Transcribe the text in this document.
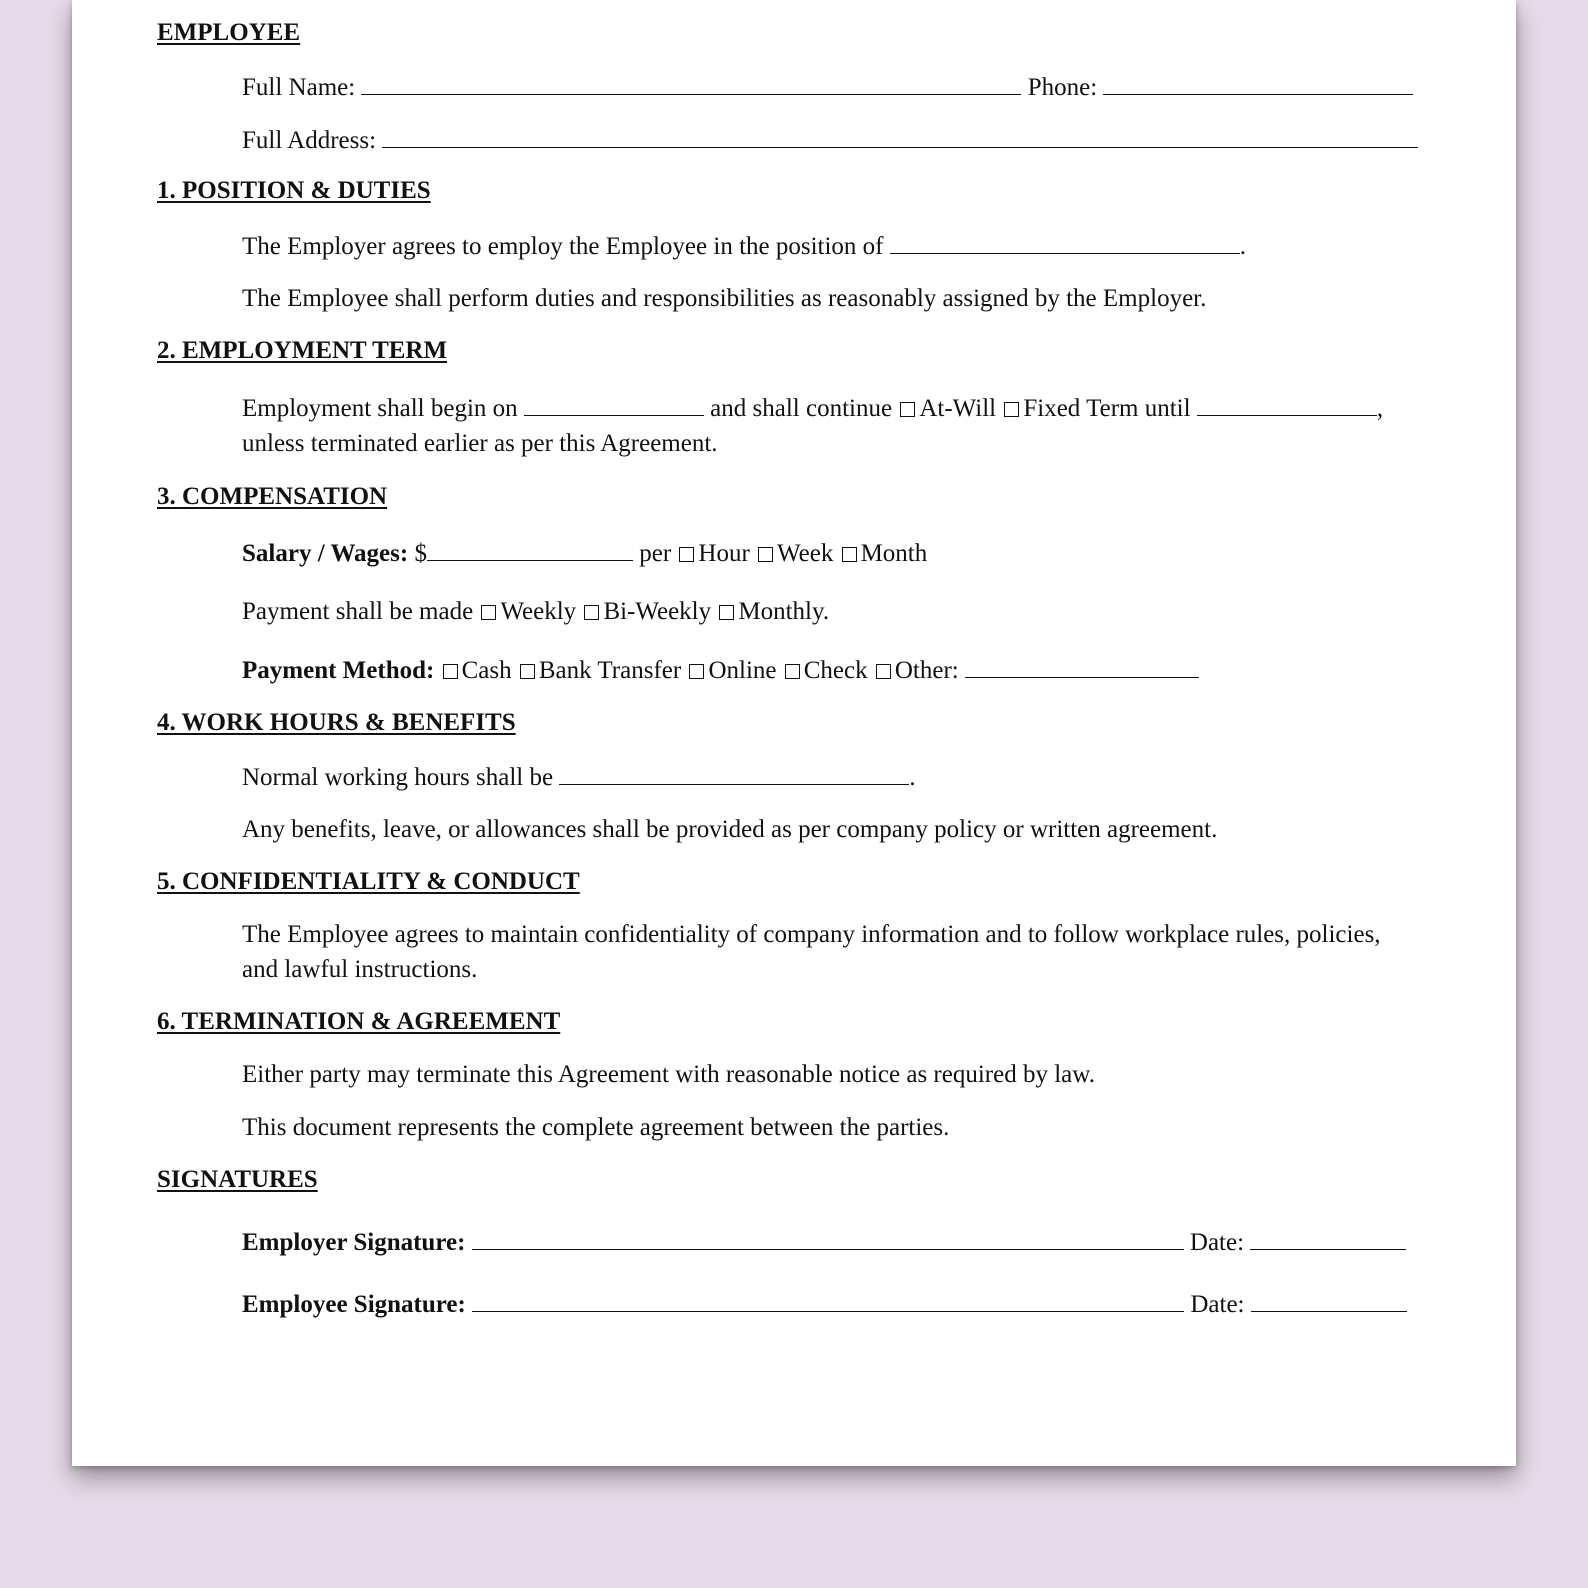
EMPLOYEE
Full Name:	Phone:
Full Address:
1. POSITION & DUTIES
The Employer agrees to employ the Employee in the position of	.
The Employee shall perform duties and responsibilities as reasonably assigned by the Employer.
2. EMPLOYMENT TERM
Employment shall begin on	and shall continue At-Will Fixed Term until	,
unless terminated earlier as per this Agreement.
3. COMPENSATION
Salary / Wages: $	per Hour Week Month
Payment shall be made Weekly Bi-Weekly Monthly.
Payment Method: Cash Bank Transfer Online Check Other:
4. WORK HOURS & BENEFITS
Normal working hours shall be	.
Any benefits, leave, or allowances shall be provided as per company policy or written agreement.
5. CONFIDENTIALITY & CONDUCT
The Employee agrees to maintain confidentiality of company information and to follow workplace rules, policies,
and lawful instructions.
6. TERMINATION & AGREEMENT
Either party may terminate this Agreement with reasonable notice as required by law.
This document represents the complete agreement between the parties.
SIGNATURES
Employer Signature:	Date:
Employee Signature:	Date:
